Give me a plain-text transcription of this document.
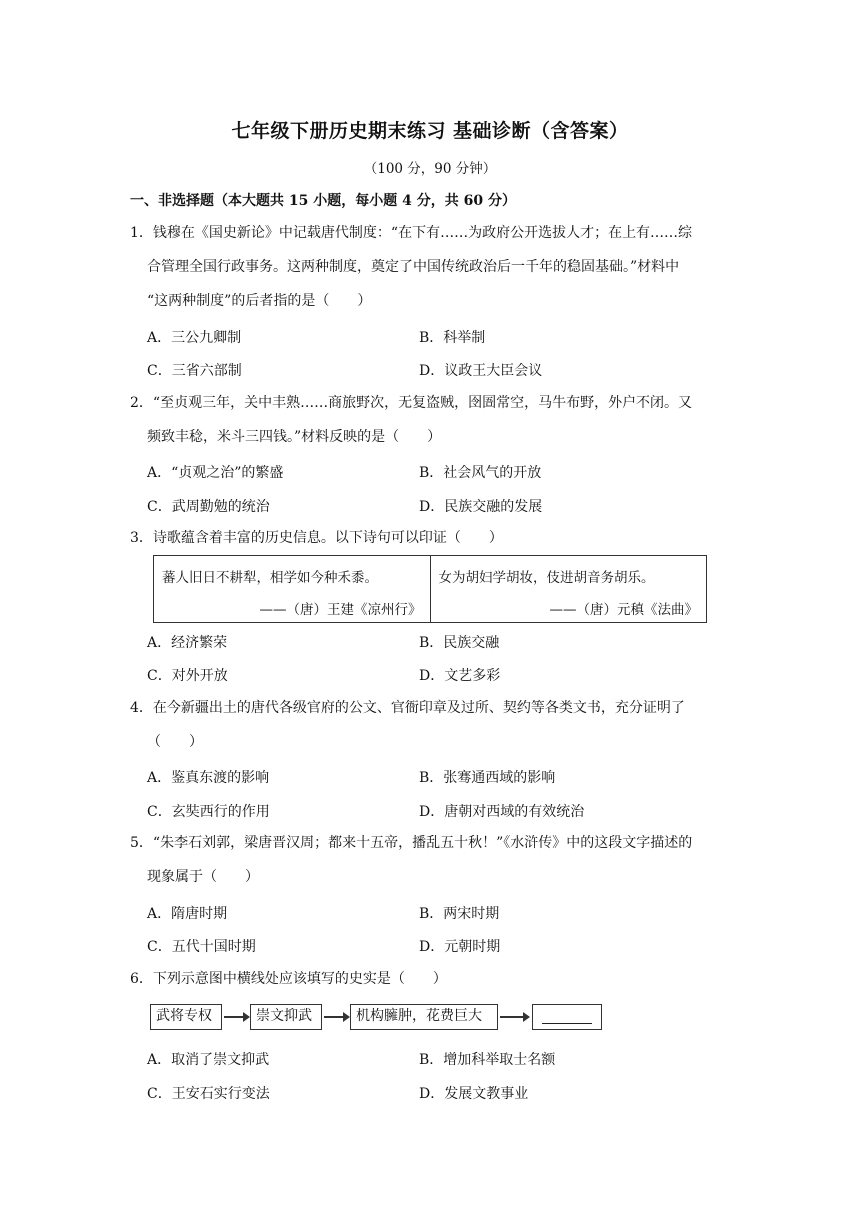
七年级下册历史期末练习 基础诊断（含答案）
（100 分，90 分钟）
一、非选择题（本大题共 15 小题，每小题 4 分，共 60 分）
1．钱穆在《国史新论》中记载唐代制度：“在下有……为政府公开选拔人才；在上有……综
合管理全国行政事务。这两种制度，奠定了中国传统政治后一千年的稳固基础。”材料中
“这两种制度”的后者指的是（　　）
A．三公九卿制	B．科举制
C．三省六部制	D．议政王大臣会议
2．“至贞观三年，关中丰熟……商旅野次，无复盗贼，囹圄常空，马牛布野，外户不闭。又
频致丰稔，米斗三四钱。”材料反映的是（　　）
A．“贞观之治”的繁盛	B．社会风气的开放
C．武周勤勉的统治	D．民族交融的发展
3．诗歌蕴含着丰富的历史信息。以下诗句可以印证（　　）
蕃人旧日不耕犁，相学如今种禾黍。
——（唐）王建《凉州行》
女为胡妇学胡妆，伎进胡音务胡乐。
——（唐）元稹《法曲》
A．经济繁荣	B．民族交融
C．对外开放	D．文艺多彩
4．在今新疆出土的唐代各级官府的公文、官衙印章及过所、契约等各类文书，充分证明了
（　　）
A．鉴真东渡的影响	B．张骞通西域的影响
C．玄奘西行的作用	D．唐朝对西域的有效统治
5．“朱李石刘郭，梁唐晋汉周；都来十五帝，播乱五十秋！”《水浒传》中的这段文字描述的
现象属于（　　）
A．隋唐时期	B．两宋时期
C．五代十国时期	D．元朝时期
6．下列示意图中横线处应该填写的史实是（　　）
武将专权	崇文抑武	机构臃肿，花费巨大
A．取消了崇文抑武	B．增加科举取士名额
C．王安石实行变法	D．发展文教事业
